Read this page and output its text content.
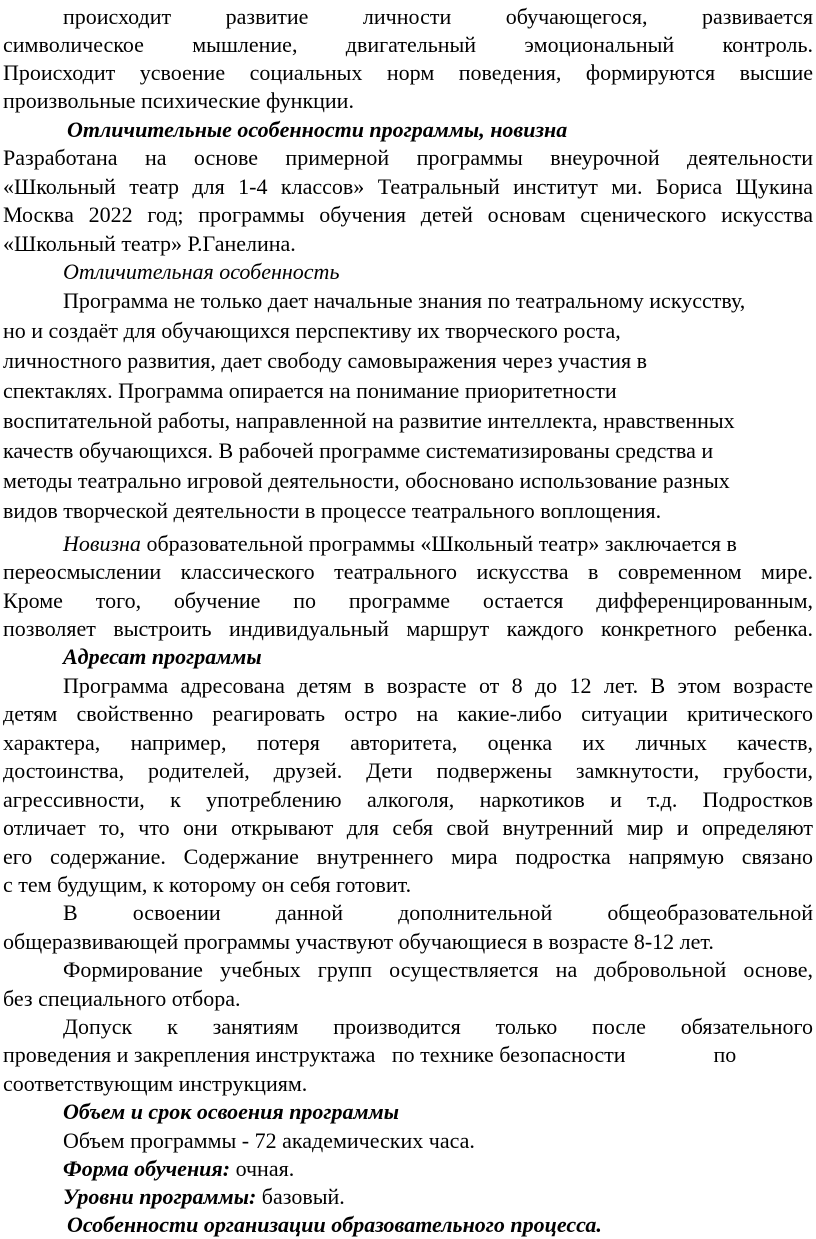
происходит развитие личности обучающегося, развивается
символическое мышление, двигательный эмоциональный контроль.
Происходит усвоение социальных норм поведения, формируются высшие
произвольные психические функции.
Отличительные особенности программы, новизна
Разработана на основе примерной программы внеурочной деятельности
«Школьный театр для 1-4 классов» Театральный институт ми. Бориса Щукина
Москва 2022 год; программы обучения детей основам сценического искусства
«Школьный театр» Р.Ганелина.
Отличительная особенность
Программа не только дает начальные знания по театральному искусству,
но и создаёт для обучающихся перспективу их творческого роста,
личностного развития, дает свободу самовыражения через участия в
спектаклях. Программа опирается на понимание приоритетности
воспитательной работы, направленной на развитие интеллекта, нравственных
качеств обучающихся. В рабочей программе систематизированы средства и
методы театрально игровой деятельности, обосновано использование разных
видов творческой деятельности в процессе театрального воплощения.
Новизна образовательной программы «Школьный театр» заключается в
переосмыслении классического театрального искусства в современном мире.
Кроме того, обучение по программе остается дифференцированным,
позволяет выстроить индивидуальный маршрут каждого конкретного ребенка.
Адресат программы
Программа адресована детям в возрасте от 8 до 12 лет. В этом возрасте
детям свойственно реагировать остро на какие-либо ситуации критического
характера, например, потеря авторитета, оценка их личных качеств,
достоинства, родителей, друзей. Дети подвержены замкнутости, грубости,
агрессивности, к употреблению алкоголя, наркотиков и т.д. Подростков
отличает то, что они открывают для себя свой внутренний мир и определяют
его содержание. Содержание внутреннего мира подростка напрямую связано
с тем будущим, к которому он себя готовит.
В освоении данной дополнительной общеобразовательной
общеразвивающей программы участвуют обучающиеся в возрасте 8-12 лет.
Формирование учебных групп осуществляется на добровольной основе,
без специального отбора.
Допуск к занятиям производится только после обязательного
проведения и закрепления инструктажа   по технике безопасности                по
соответствующим инструкциям.
Объем и срок освоения программы
Объем программы - 72 академических часа.
Форма обучения: очная.
Уровни программы: базовый.
Особенности организации образовательного процесса.
